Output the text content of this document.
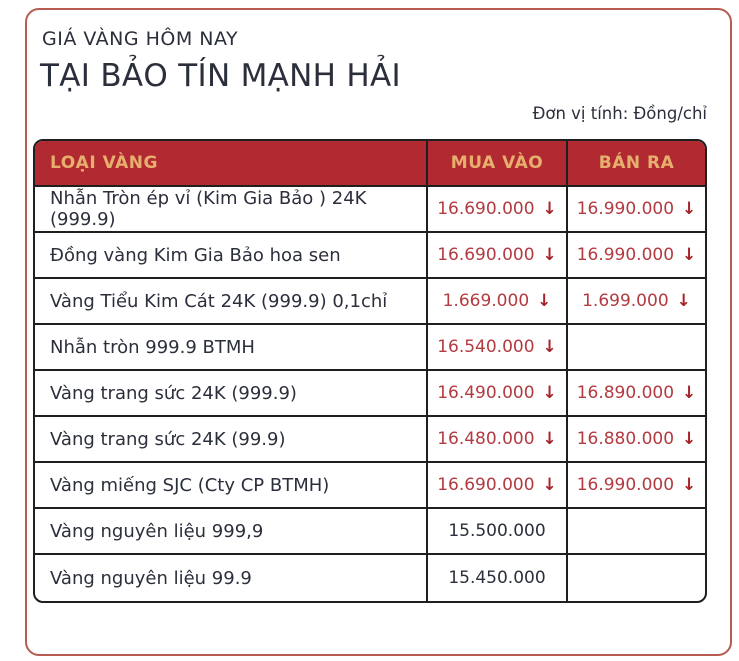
GIÁ VÀNG HÔM NAY
TẠI BẢO TÍN MẠNH HẢI
Đơn vị tính: Đồng/chỉ
LOẠI VÀNG	MUA VÀO	BÁN RA
Nhẫn Tròn ép vỉ (Kim Gia Bảo ) 24K (999.9)	16.690.000 ↓	16.990.000 ↓
Đồng vàng Kim Gia Bảo hoa sen	16.690.000 ↓	16.990.000 ↓
Vàng Tiểu Kim Cát 24K (999.9) 0,1chỉ	1.669.000 ↓	1.699.000 ↓
Nhẫn tròn 999.9 BTMH	16.540.000 ↓	
Vàng trang sức 24K (999.9)	16.490.000 ↓	16.890.000 ↓
Vàng trang sức 24K (99.9)	16.480.000 ↓	16.880.000 ↓
Vàng miếng SJC (Cty CP BTMH)	16.690.000 ↓	16.990.000 ↓
Vàng nguyên liệu 999,9	15.500.000	
Vàng nguyên liệu 99.9	15.450.000	
